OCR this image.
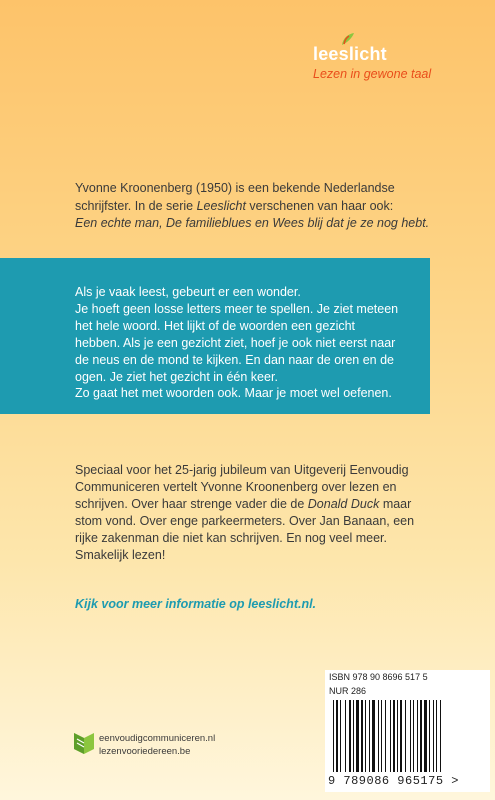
leeslicht
Lezen in gewone taal
Yvonne Kroonenberg (1950) is een bekende Nederlandse
schrijfster. In de serie Leeslicht verschenen van haar ook:
Een echte man, De familieblues en Wees blij dat je ze nog hebt.
Als je vaak leest, gebeurt er een wonder.
Je hoeft geen losse letters meer te spellen. Je ziet meteen
het hele woord. Het lijkt of de woorden een gezicht
hebben. Als je een gezicht ziet, hoef je ook niet eerst naar
de neus en de mond te kijken. En dan naar de oren en de
ogen. Je ziet het gezicht in één keer.
Zo gaat het met woorden ook. Maar je moet wel oefenen.
Speciaal voor het 25-jarig jubileum van Uitgeverij Eenvoudig
Communiceren vertelt Yvonne Kroonenberg over lezen en
schrijven. Over haar strenge vader die de Donald Duck maar
stom vond. Over enge parkeermeters. Over Jan Banaan, een
rijke zakenman die niet kan schrijven. En nog veel meer.
Smakelijk lezen!
Kijk voor meer informatie op leeslicht.nl.
ISBN 978 90 8696 517 5
NUR 286
9 789086 965175 >
eenvoudigcommuniceren.nl
lezenvooriedereen.be
